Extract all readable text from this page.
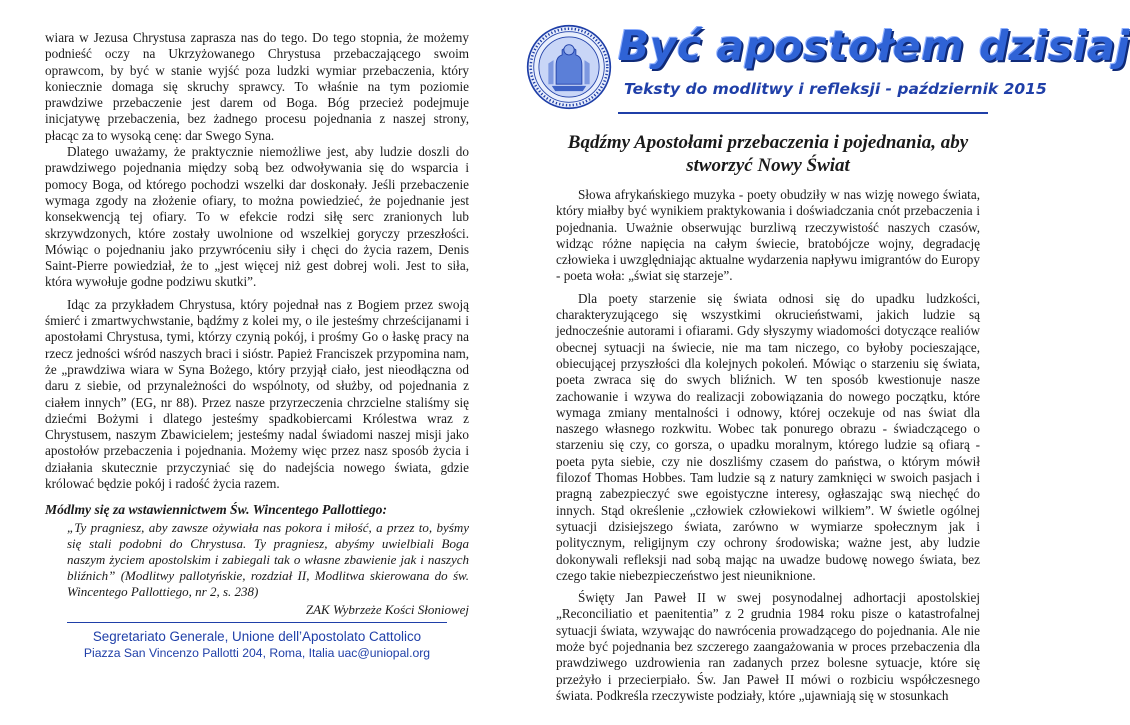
wiara w Jezusa Chrystusa zaprasza nas do tego. Do tego stopnia, że możemy podnieść oczy na Ukrzyżowanego Chrystusa przebaczającego swoim oprawcom, by być w stanie wyjść poza ludzki wymiar przebaczenia, który koniecznie domaga się skruchy sprawcy. To właśnie na tym poziomie prawdziwe przebaczenie jest darem od Boga. Bóg przecież podejmuje inicjatywę przebaczenia, bez żadnego procesu pojednania z naszej strony, płacąc za to wysoką cenę: dar Swego Syna.

Dlatego uważamy, że praktycznie niemożliwe jest, aby ludzie doszli do prawdziwego pojednania między sobą bez odwoływania się do wsparcia i pomocy Boga, od którego pochodzi wszelki dar doskonały. Jeśli przebaczenie wymaga zgody na złożenie ofiary, to można powiedzieć, że pojednanie jest konsekwencją tej ofiary. To w efekcie rodzi siłę serc zranionych lub skrzywdzonych, które zostały uwolnione od wszelkiej goryczy przeszłości. Mówiąc o pojednaniu jako przywróceniu siły i chęci do życia razem, Denis Saint-Pierre powiedział, że to „jest więcej niż gest dobrej woli. Jest to siła, która wywołuje godne podziwu skutki”.

Idąc za przykładem Chrystusa, który pojednał nas z Bogiem przez swoją śmierć i zmartwychwstanie, bądźmy z kolei my, o ile jesteśmy chrześcijanami i apostołami Chrystusa, tymi, którzy czynią pokój, i prośmy Go o łaskę pracy na rzecz jedności wśród naszych braci i sióstr. Papież Franciszek przypomina nam, że „prawdziwa wiara w Syna Bożego, który przyjął ciało, jest nieodłączna od daru z siebie, od przynależności do wspólnoty, od służby, od pojednania z ciałem innych” (EG, nr 88). Przez nasze przyrzeczenia chrzcielne staliśmy się dziećmi Bożymi i dlatego jesteśmy spadkobiercami Królestwa wraz z Chrystusem, naszym Zbawicielem; jesteśmy nadal świadomi naszej misji jako apostołów przebaczenia i pojednania. Możemy więc przez nasz sposób życia i działania skutecznie przyczyniać się do nadejścia nowego świata, gdzie królować będzie pokój i radość życia razem.

Módlmy się za wstawiennictwem Św. Wincentego Pallottiego:
„Ty pragniesz, aby zawsze ożywiała nas pokora i miłość, a przez to, byśmy się stali podobni do Chrystusa. Ty pragniesz, abyśmy uwielbiali Boga naszym życiem apostolskim i zabiegali tak o własne zbawienie jak i naszych bliźnich” (Modlitwy pallotyńskie, rozdział II, Modlitwa skierowana do św. Wincentego Pallottiego, nr 2, s. 238)
ZAK Wybrzeże Kości Słoniowej
Segretariato Generale, Unione dell’Apostolato Cattolico
Piazza San Vincenzo Pallotti 204, Roma, Italia uac@uniopal.org
Być apostołem dzisiaj
Teksty do modlitwy i refleksji - październik 2015
Bądźmy Apostołami przebaczenia i pojednania, aby stworzyć Nowy Świat

Słowa afrykańskiego muzyka - poety obudziły w nas wizję nowego świata, który miałby być wynikiem praktykowania i doświadczania cnót przebaczenia i pojednania. Uważnie obserwując burzliwą rzeczywistość naszych czasów, widząc różne napięcia na całym świecie, bratobójcze wojny, degradację człowieka i uwzględniając aktualne wydarzenia napływu imigrantów do Europy - poeta woła: „świat się starzeje”.

Dla poety starzenie się świata odnosi się do upadku ludzkości, charakteryzującego się wszystkimi okrucieństwami, jakich ludzie są jednocześnie autorami i ofiarami. Gdy słyszymy wiadomości dotyczące realiów obecnej sytuacji na świecie, nie ma tam niczego, co byłoby pocieszające, obiecującej przyszłości dla kolejnych pokoleń. Mówiąc o starzeniu się świata, poeta zwraca się do swych bliźnich. W ten sposób kwestionuje nasze zachowanie i wzywa do realizacji zobowiązania do nowego początku, które wymaga zmiany mentalności i odnowy, której oczekuje od nas świat dla naszego własnego rozkwitu. Wobec tak ponurego obrazu - świadczącego o starzeniu się czy, co gorsza, o upadku moralnym, którego ludzie są ofiarą - poeta pyta siebie, czy nie doszliśmy czasem do państwa, o którym mówił filozof Thomas Hobbes. Tam ludzie są z natury zamknięci w swoich pasjach i pragną zabezpieczyć swe egoistyczne interesy, ogłaszając swą niechęć do innych. Stąd określenie „człowiek człowiekowi wilkiem”. W świetle ogólnej sytuacji dzisiejszego świata, zarówno w wymiarze społecznym jak i politycznym, religijnym czy ochrony środowiska; ważne jest, aby ludzie dokonywali refleksji nad sobą mając na uwadze budowę nowego świata, bez czego takie niebezpieczeństwo jest nieuniknione.

Święty Jan Paweł II w swej posynodalnej adhortacji apostolskiej „Reconciliatio et paenitentia” z 2 grudnia 1984 roku pisze o katastrofalnej sytuacji świata, wzywając do nawrócenia prowadzącego do pojednania. Ale nie może być pojednania bez szczerego zaangażowania w proces przebaczenia dla prawdziwego uzdrowienia ran zadanych przez bolesne sytuacje, które się przeżyło i przecierpiało. Św. Jan Paweł II mówi o rozbiciu współczesnego świata. Podkreśla rzeczywiste podziały, które „ujawniają się w stosunkach
